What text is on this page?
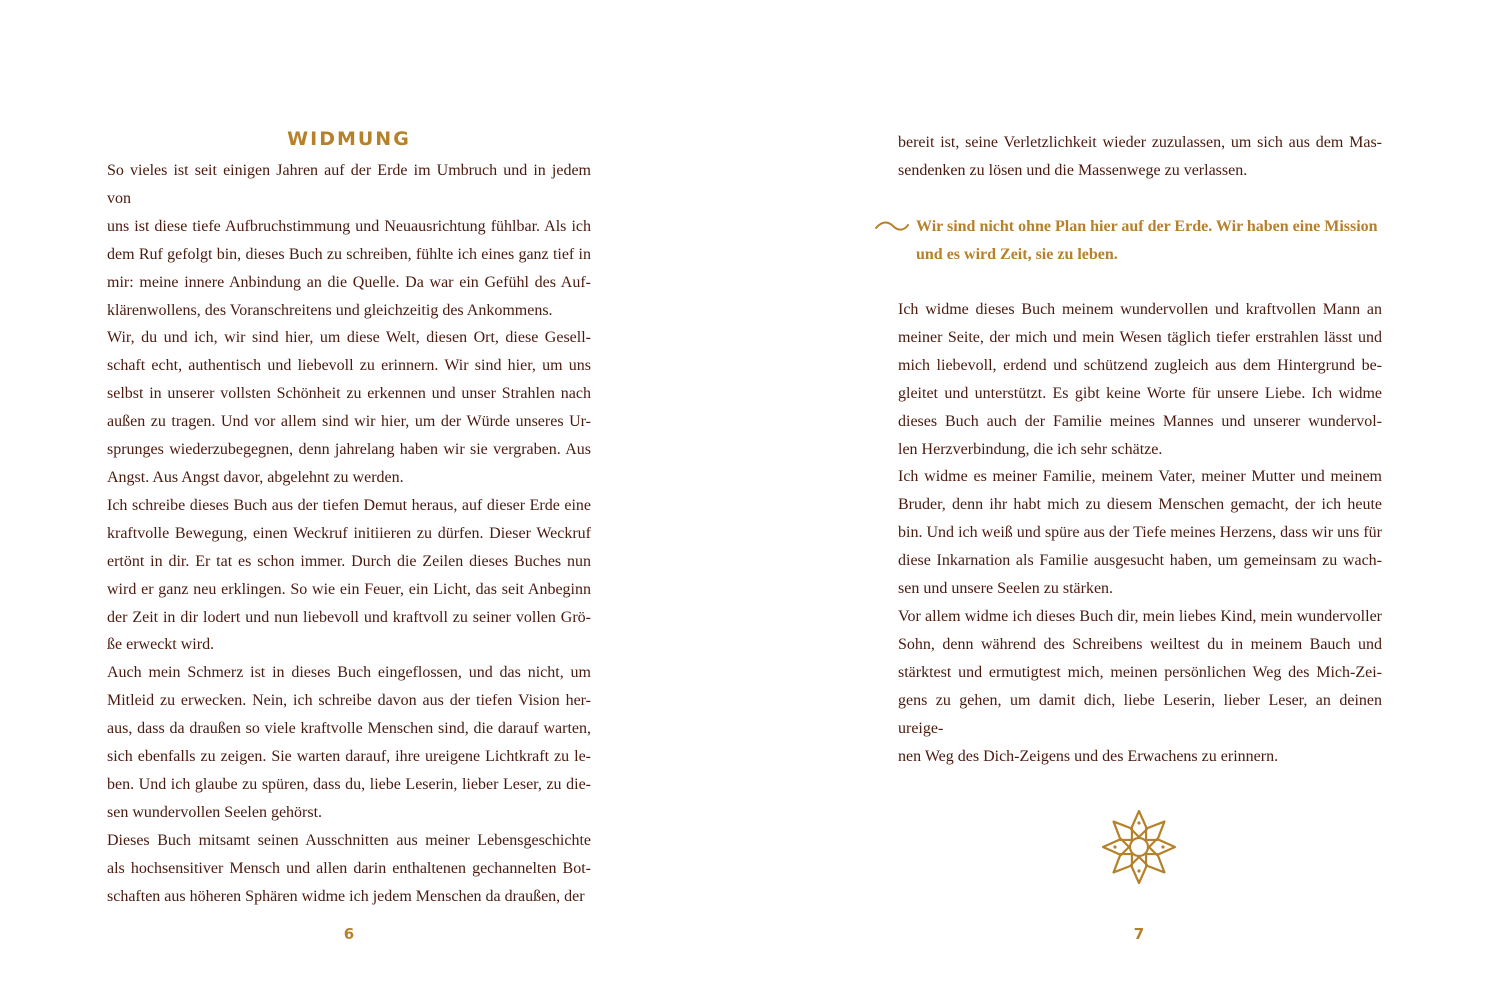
WIDMUNG

So vieles ist seit einigen Jahren auf der Erde im Umbruch und in jedem von

uns ist diese tiefe Aufbruchstimmung und Neuausrichtung fühlbar. Als ich

dem Ruf gefolgt bin, dieses Buch zu schreiben, fühlte ich eines ganz tief in

mir: meine innere Anbindung an die Quelle. Da war ein Gefühl des Auf-

klärenwollens, des Voranschreitens und gleichzeitig des Ankommens.

Wir, du und ich, wir sind hier, um diese Welt, diesen Ort, diese Gesell-

schaft echt, authentisch und liebevoll zu erinnern. Wir sind hier, um uns

selbst in unserer vollsten Schönheit zu erkennen und unser Strahlen nach

außen zu tragen. Und vor allem sind wir hier, um der Würde unseres Ur-

sprunges wiederzubegegnen, denn jahrelang haben wir sie vergraben. Aus

Angst. Aus Angst davor, abgelehnt zu werden.

Ich schreibe dieses Buch aus der tiefen Demut heraus, auf dieser Erde eine

kraftvolle Bewegung, einen Weckruf initiieren zu dürfen. Dieser Weckruf

ertönt in dir. Er tat es schon immer. Durch die Zeilen dieses Buches nun

wird er ganz neu erklingen. So wie ein Feuer, ein Licht, das seit Anbeginn

der Zeit in dir lodert und nun liebevoll und kraftvoll zu seiner vollen Grö-

ße erweckt wird.

Auch mein Schmerz ist in dieses Buch eingeflossen, und das nicht, um

Mitleid zu erwecken. Nein, ich schreibe davon aus der tiefen Vision her-

aus, dass da draußen so viele kraftvolle Menschen sind, die darauf warten,

sich ebenfalls zu zeigen. Sie warten darauf, ihre ureigene Lichtkraft zu le-

ben. Und ich glaube zu spüren, dass du, liebe Leserin, lieber Leser, zu die-

sen wundervollen Seelen gehörst.

Dieses Buch mitsamt seinen Ausschnitten aus meiner Lebensgeschichte

als hochsensitiver Mensch und allen darin enthaltenen gechannelten Bot-

schaften aus höheren Sphären widme ich jedem Menschen da draußen, der

6

bereit ist, seine Verletzlichkeit wieder zuzulassen, um sich aus dem Mas-

sendenken zu lösen und die Massenwege zu verlassen.

Wir sind nicht ohne Plan hier auf der Erde. Wir haben eine Mission

und es wird Zeit, sie zu leben.

Ich widme dieses Buch meinem wundervollen und kraftvollen Mann an

meiner Seite, der mich und mein Wesen täglich tiefer erstrahlen lässt und

mich liebevoll, erdend und schützend zugleich aus dem Hintergrund be-

gleitet und unterstützt. Es gibt keine Worte für unsere Liebe. Ich widme

dieses Buch auch der Familie meines Mannes und unserer wundervol-

len Herzverbindung, die ich sehr schätze.

Ich widme es meiner Familie, meinem Vater, meiner Mutter und meinem

Bruder, denn ihr habt mich zu diesem Menschen gemacht, der ich heute

bin. Und ich weiß und spüre aus der Tiefe meines Herzens, dass wir uns für

diese Inkarnation als Familie ausgesucht haben, um gemeinsam zu wach-

sen und unsere Seelen zu stärken.

Vor allem widme ich dieses Buch dir, mein liebes Kind, mein wundervoller

Sohn, denn während des Schreibens weiltest du in meinem Bauch und

stärktest und ermutigtest mich, meinen persönlichen Weg des Mich-Zei-

gens zu gehen, um damit dich, liebe Leserin, lieber Leser, an deinen ureige-

nen Weg des Dich-Zeigens und des Erwachens zu erinnern.

7
